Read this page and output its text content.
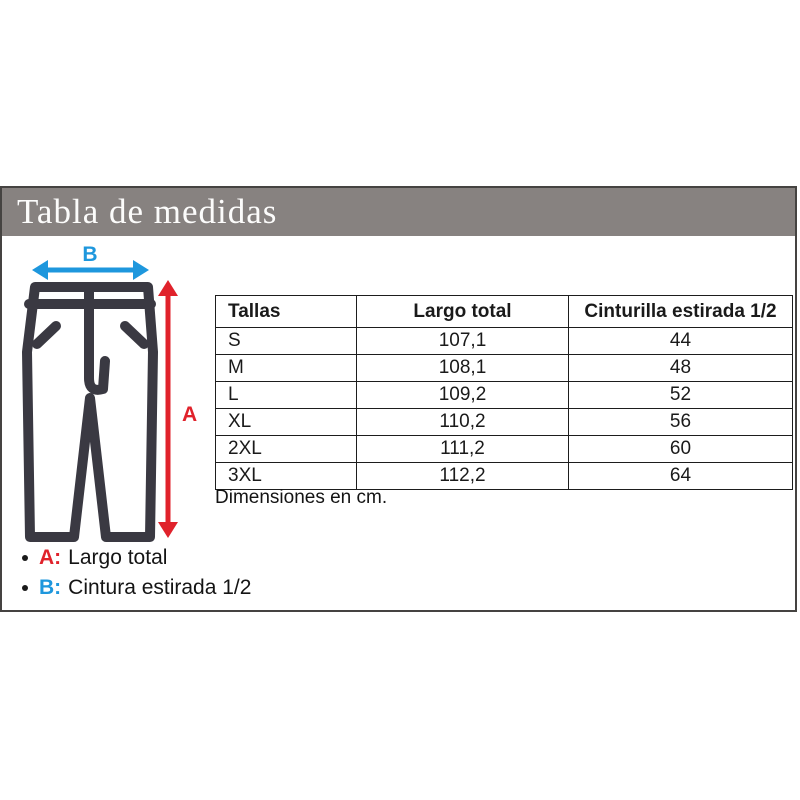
Tabla de medidas
B
A
Tallas	Largo total	Cinturilla estirada 1/2
S	107,1	44
M	108,1	48
L	109,2	52
XL	110,2	56
2XL	111,2	60
3XL	112,2	64
Dimensiones en cm.
A: Largo total
B: Cintura estirada 1/2
